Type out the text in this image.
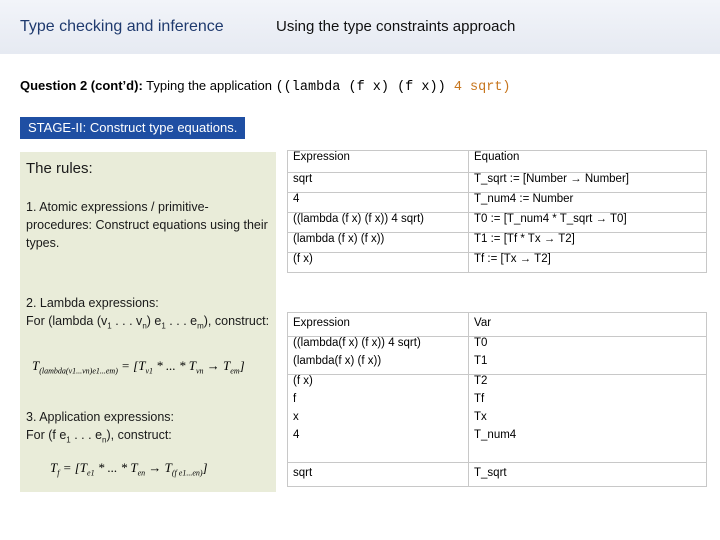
Type checking and inference	Using the type constraints approach
Question 2 (cont’d): Typing the application ((lambda (f x) (f x)) 4 sqrt)
STAGE-II: Construct type equations.
The rules:
1. Atomic expressions / primitive-procedures: Construct equations using their types.
2. Lambda expressions:
For (lambda ($v_1$ . . . $v_n$) $e_1$ . . . $e_m$), construct:
$T_{(lambda(v1...vn)e1...em)} = [T_{v1}$ * ... * $T_{vn} \to T_{em}$]
3. Application expressions:
For (f $e_1$ . . . $e_n$), construct:
$T_f = [T_{e1}$ * ... * $T_{en} \to T_{(f e1...en)}$]
Expression	Equation
sqrt	T_sqrt := [Number → Number]
4	T_num4 := Number
((lambda (f x) (f x)) 4 sqrt)	T0 := [T_num4 * T_sqrt → T0]
(lambda (f x) (f x))	T1 := [Tf * Tx → T2]
(f x)	Tf := [Tx → T2]
Expression	Var
((lambda(f x) (f x)) 4 sqrt)	T0
(lambda(f x) (f x))	T1
(f x)	T2
f	Tf
x	Tx
4	T_num4
sqrt	T_sqrt
